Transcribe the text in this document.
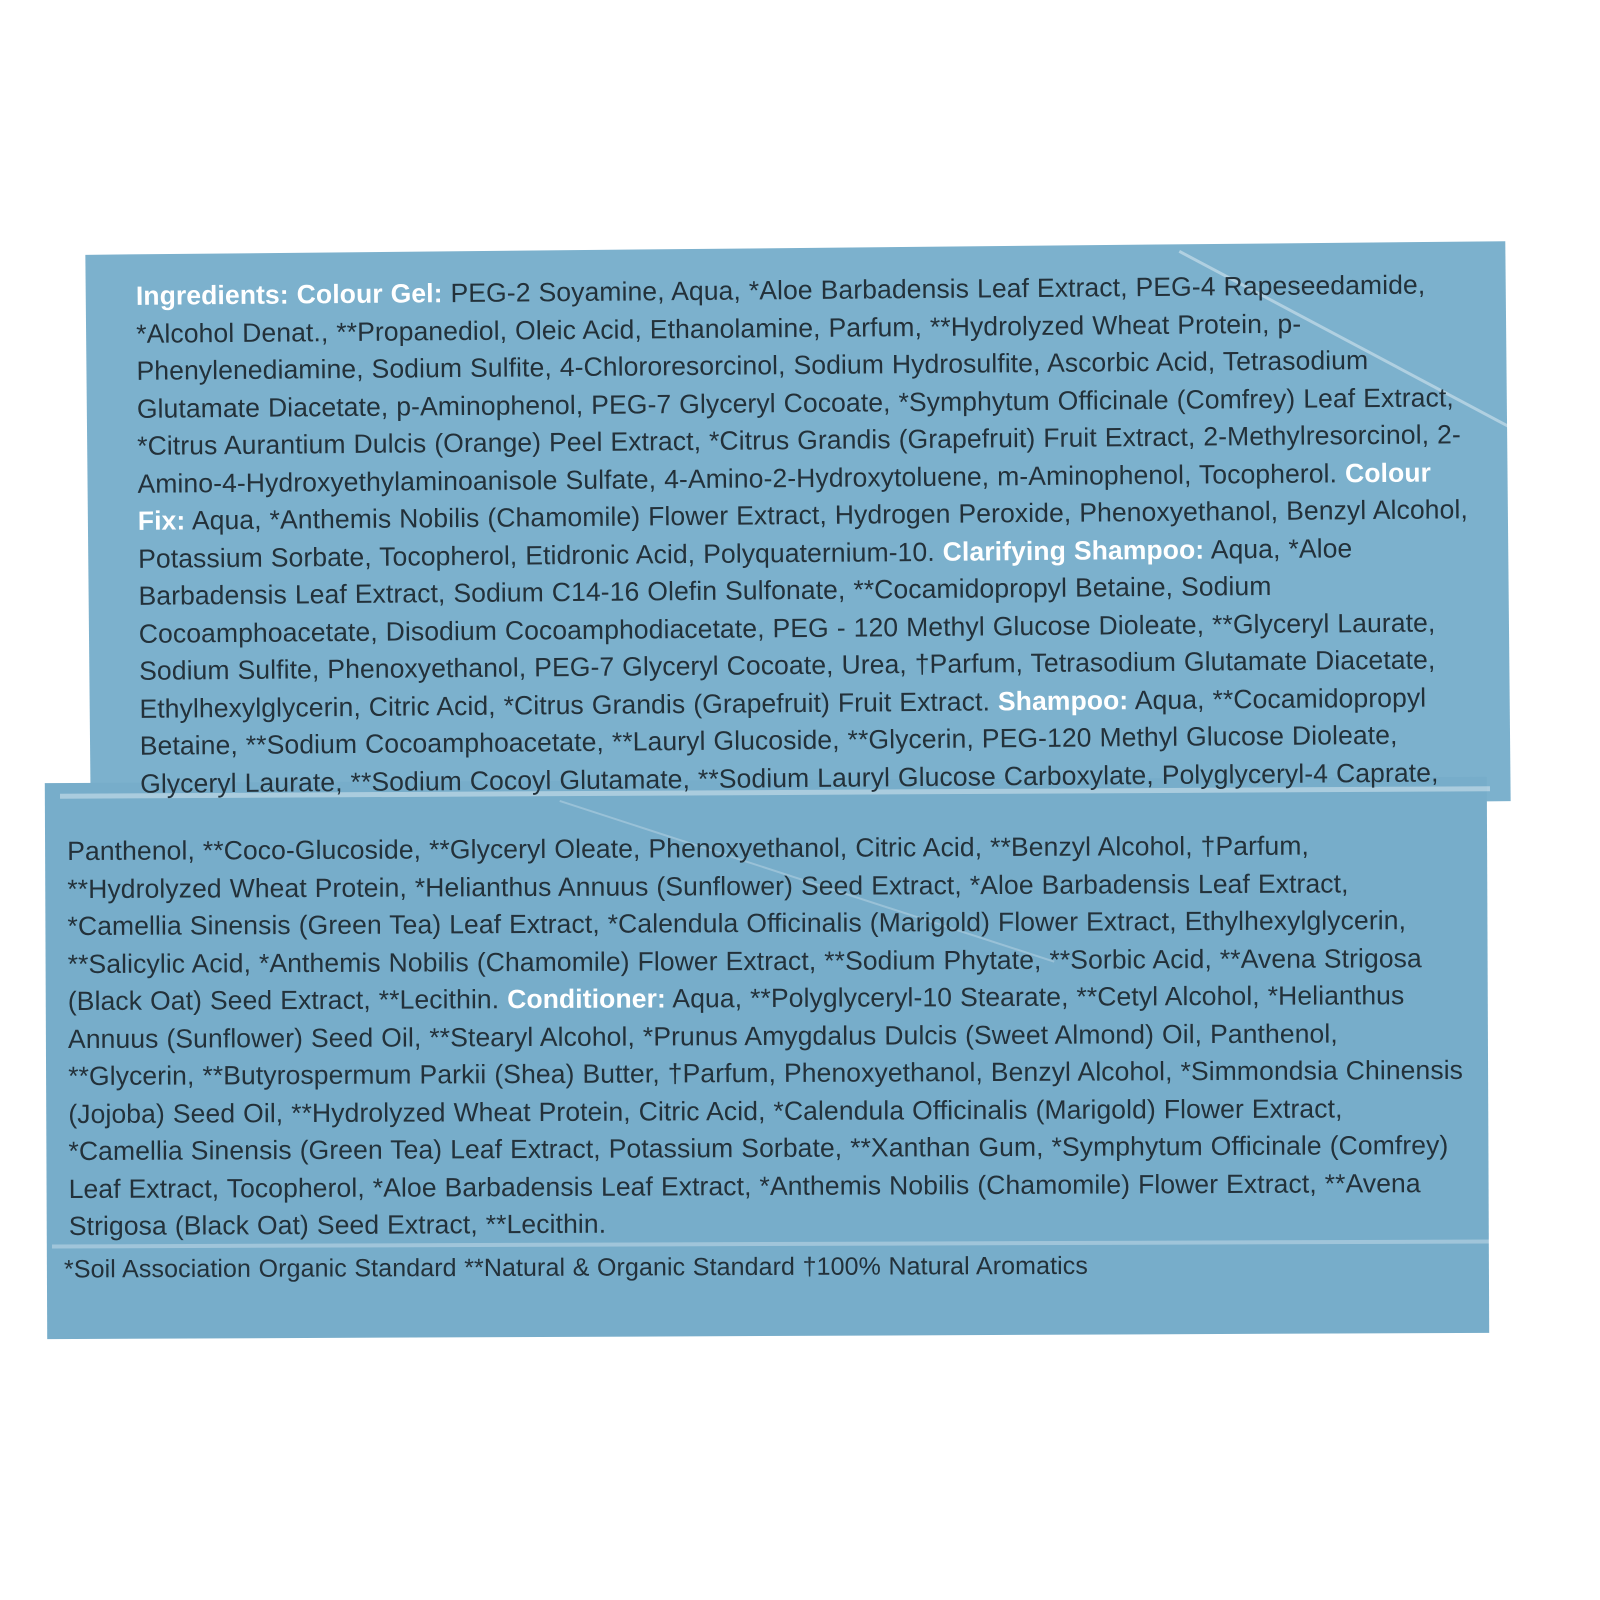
Ingredients: Colour Gel: PEG-2 Soyamine, Aqua, *Aloe Barbadensis Leaf Extract, PEG-4 Rapeseedamide, *Alcohol Denat., **Propanediol, Oleic Acid, Ethanolamine, Parfum, **Hydrolyzed Wheat Protein, p-Phenylenediamine, Sodium Sulfite, 4-Chlororesorcinol, Sodium Hydrosulfite, Ascorbic Acid, Tetrasodium Glutamate Diacetate, p-Aminophenol, PEG-7 Glyceryl Cocoate, *Symphytum Officinale (Comfrey) Leaf Extract, *Citrus Aurantium Dulcis (Orange) Peel Extract, *Citrus Grandis (Grapefruit) Fruit Extract, 2-Methylresorcinol, 2-Amino-4-Hydroxyethylaminoanisole Sulfate, 4-Amino-2-Hydroxytoluene, m-Aminophenol, Tocopherol. Colour Fix: Aqua, *Anthemis Nobilis (Chamomile) Flower Extract, Hydrogen Peroxide, Phenoxyethanol, Benzyl Alcohol, Potassium Sorbate, Tocopherol, Etidronic Acid, Polyquaternium-10. Clarifying Shampoo: Aqua, *Aloe Barbadensis Leaf Extract, Sodium C14-16 Olefin Sulfonate, **Cocamidopropyl Betaine, Sodium Cocoamphoacetate, Disodium Cocoamphodiacetate, PEG - 120 Methyl Glucose Dioleate, **Glyceryl Laurate, Sodium Sulfite, Phenoxyethanol, PEG-7 Glyceryl Cocoate, Urea, †Parfum, Tetrasodium Glutamate Diacetate, Ethylhexylglycerin, Citric Acid, *Citrus Grandis (Grapefruit) Fruit Extract. Shampoo: Aqua, **Cocamidopropyl Betaine, **Sodium Cocoamphoacetate, **Lauryl Glucoside, **Glycerin, PEG-120 Methyl Glucose Dioleate, Glyceryl Laurate, **Sodium Cocoyl Glutamate, **Sodium Lauryl Glucose Carboxylate, Polyglyceryl-4 Caprate,
Panthenol, **Coco-Glucoside, **Glyceryl Oleate, Phenoxyethanol, Citric Acid, **Benzyl Alcohol, †Parfum, **Hydrolyzed Wheat Protein, *Helianthus Annuus (Sunflower) Seed Extract, *Aloe Barbadensis Leaf Extract, *Camellia Sinensis (Green Tea) Leaf Extract, *Calendula Officinalis (Marigold) Flower Extract, Ethylhexylglycerin, **Salicylic Acid, *Anthemis Nobilis (Chamomile) Flower Extract, **Sodium Phytate, **Sorbic Acid, **Avena Strigosa (Black Oat) Seed Extract, **Lecithin. Conditioner: Aqua, **Polyglyceryl-10 Stearate, **Cetyl Alcohol, *Helianthus Annuus (Sunflower) Seed Oil, **Stearyl Alcohol, *Prunus Amygdalus Dulcis (Sweet Almond) Oil, Panthenol, **Glycerin, **Butyrospermum Parkii (Shea) Butter, †Parfum, Phenoxyethanol, Benzyl Alcohol, *Simmondsia Chinensis (Jojoba) Seed Oil, **Hydrolyzed Wheat Protein, Citric Acid, *Calendula Officinalis (Marigold) Flower Extract, *Camellia Sinensis (Green Tea) Leaf Extract, Potassium Sorbate, **Xanthan Gum, *Symphytum Officinale (Comfrey) Leaf Extract, Tocopherol, *Aloe Barbadensis Leaf Extract, *Anthemis Nobilis (Chamomile) Flower Extract, **Avena Strigosa (Black Oat) Seed Extract, **Lecithin.
*Soil Association Organic Standard **Natural & Organic Standard †100% Natural Aromatics
